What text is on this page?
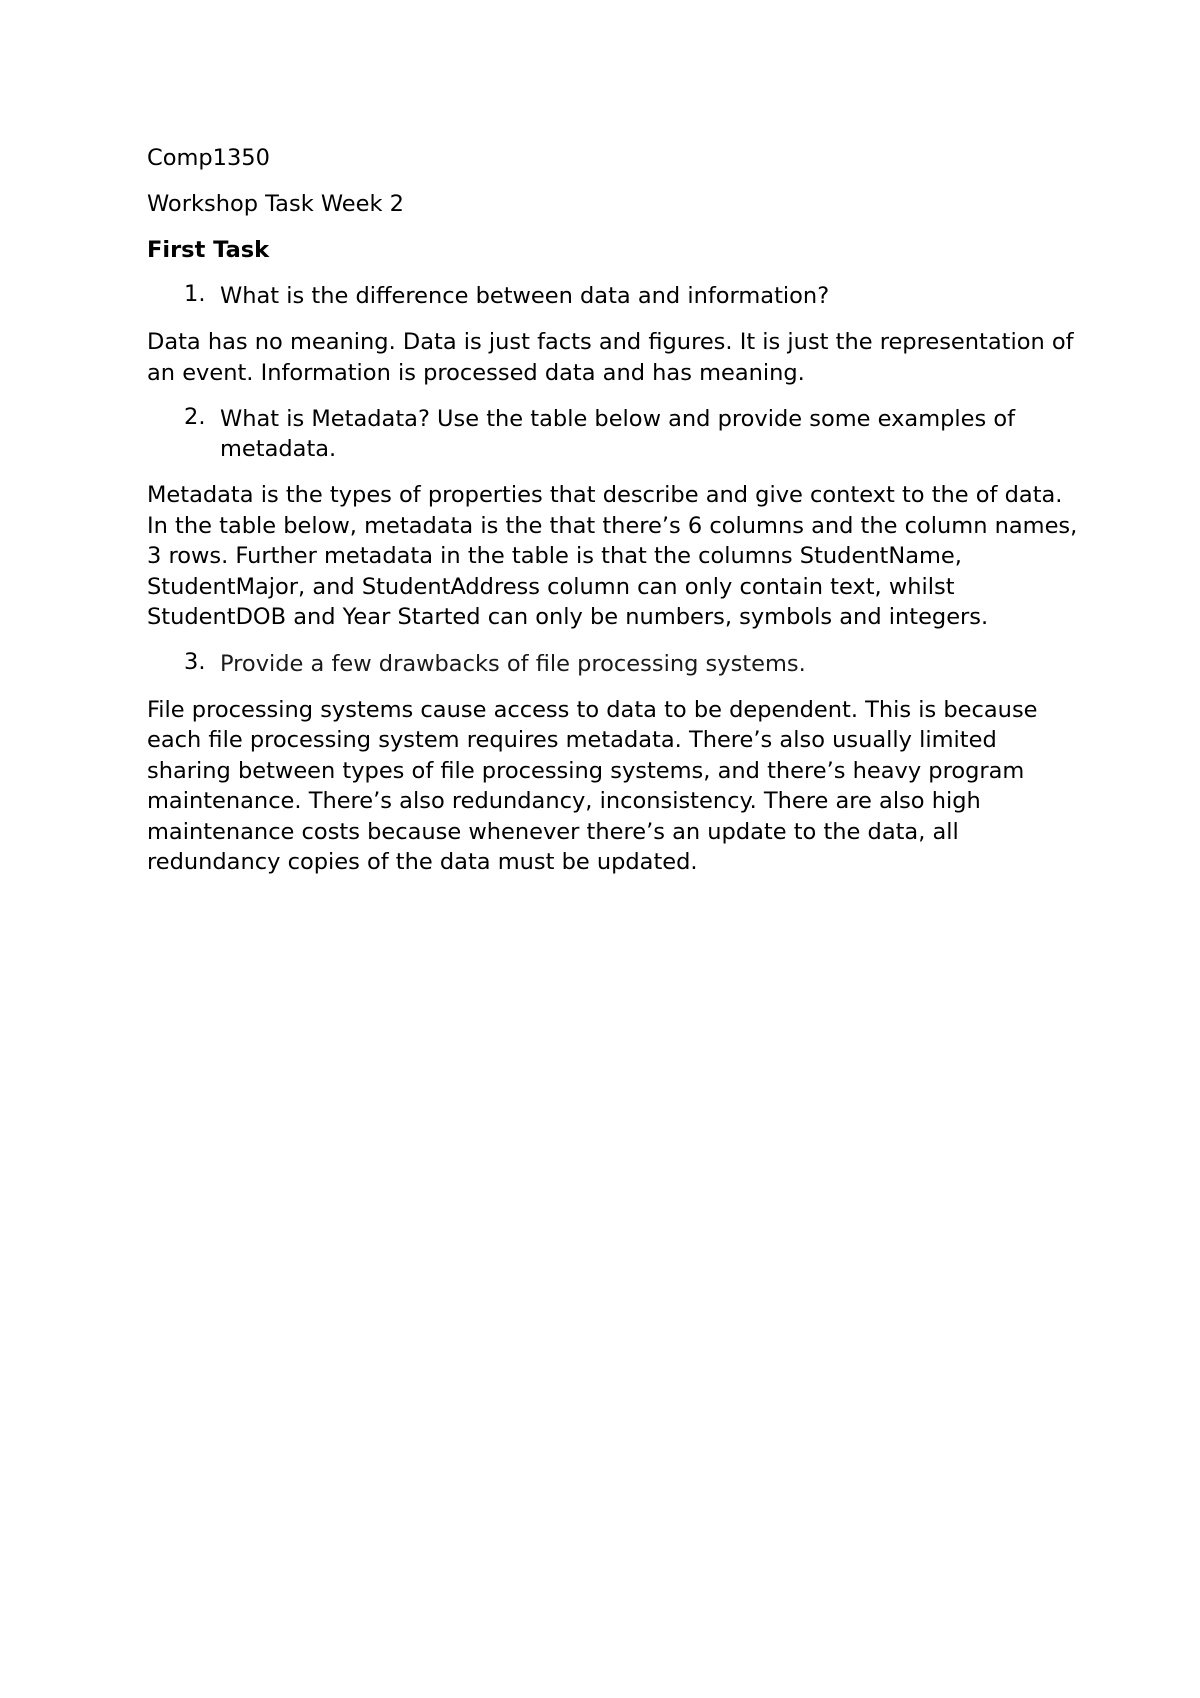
Comp1350

Workshop Task Week 2

First Task

1. What is the difference between data and information?

Data has no meaning. Data is just facts and figures. It is just the representation of an event. Information is processed data and has meaning.

2. What is Metadata? Use the table below and provide some examples of metadata.

Metadata is the types of properties that describe and give context to the of data. In the table below, metadata is the that there’s 6 columns and the column names, 3 rows. Further metadata in the table is that the columns StudentName, StudentMajor, and StudentAddress column can only contain text, whilst StudentDOB and Year Started can only be numbers, symbols and integers.

3. Provide a few drawbacks of file processing systems.

File processing systems cause access to data to be dependent. This is because each file processing system requires metadata. There’s also usually limited sharing between types of file processing systems, and there’s heavy program maintenance. There’s also redundancy, inconsistency. There are also high maintenance costs because whenever there’s an update to the data, all redundancy copies of the data must be updated.
